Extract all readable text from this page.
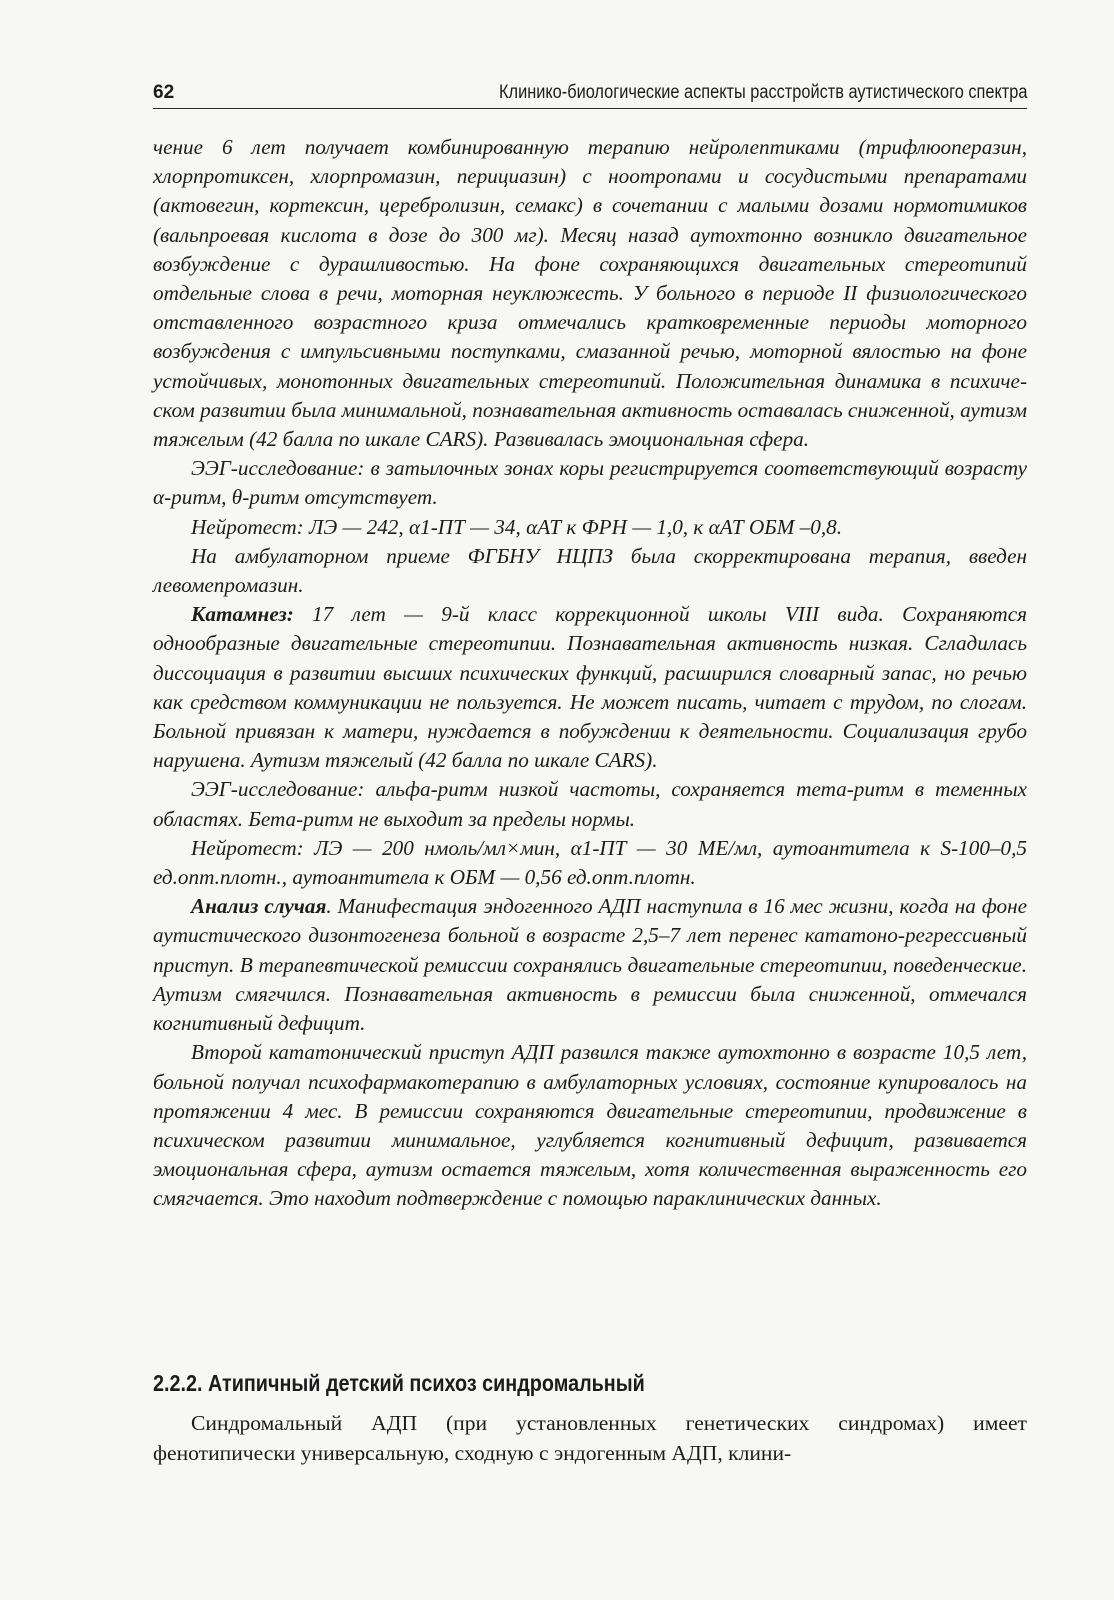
62	Клинико-биологические аспекты расстройств аутистического спектра

чение 6 лет получает комбинированную терапию нейролептиками (трифлюоперазин, хлорпротиксен, хлорпромазин, перициазин) с ноотропами и сосудистыми препаратами (актовегин, кортексин, церебролизин, семакс) в сочетании с малыми дозами нормотимиков (вальпроевая кислота в дозе до 300 мг). Месяц назад аутохтонно возникло двигательное возбуждение с дурашливостью. На фоне сохраняющихся двигательных стереотипий отдельные слова в речи, моторная неуклюжесть. У больного в периоде II физиологического отставленного возрастного криза отмечались кратковременные периоды моторного возбуждения с импульсивными поступками, смазанной речью, моторной вялостью на фоне устойчивых, монотонных двигательных стереотипий. Положительная динамика в психическом развитии была минимальной, познавательная активность оставалась сниженной, аутизм тяжелым (42 балла по шкале CARS). Развивалась эмоциональная сфера.

ЭЭГ-исследование: в затылочных зонах коры регистрируется соответствующий возрасту α-ритм, θ-ритм отсутствует.

Нейротест: ЛЭ — 242, α1-ПТ — 34, αАТ к ФРН — 1,0, к αАТ ОБМ –0,8.

На амбулаторном приеме ФГБНУ НЦПЗ была скорректирована терапия, введен левомепромазин.

Катамнез: 17 лет — 9-й класс коррекционной школы VIII вида. Сохраняются однообразные двигательные стереотипии. Познавательная активность низкая. Сгладилась диссоциация в развитии высших психических функций, расширился словарный запас, но речью как средством коммуникации не пользуется. Не может писать, читает с трудом, по слогам. Больной привязан к матери, нуждается в побуждении к деятельности. Социализация грубо нарушена. Аутизм тяжелый (42 балла по шкале CARS).

ЭЭГ-исследование: альфа-ритм низкой частоты, сохраняется тета-ритм в теменных областях. Бета-ритм не выходит за пределы нормы.

Нейротест: ЛЭ — 200 нмоль/мл×мин, α1-ПТ — 30 МЕ/мл, аутоантитела к S-100–0,5 ед.опт.плотн., аутоантитела к ОБМ — 0,56 ед.опт.плотн.

Анализ случая. Манифестация эндогенного АДП наступила в 16 мес жизни, когда на фоне аутистического дизонтогенеза больной в возрасте 2,5–7 лет перенес кататоно-регрессивный приступ. В терапевтической ремиссии сохранялись двигательные стереотипии, поведенческие. Аутизм смягчился. Познавательная активность в ремиссии была сниженной, отмечался когнитивный дефицит.

Второй кататонический приступ АДП развился также аутохтонно в возрасте 10,5 лет, больной получал психофармакотерапию в амбулаторных условиях, состояние купировалось на протяжении 4 мес. В ремиссии сохраняются двигательные стереотипии, продвижение в психическом развитии минимальное, углубляется когнитивный дефицит, развивается эмоциональная сфера, аутизм остается тяжелым, хотя количественная выраженность его смягчается. Это находит подтверждение с помощью параклинических данных.

2.2.2. Атипичный детский психоз синдромальный

Синдромальный АДП (при установленных генетических синдромах) имеет фенотипически универсальную, сходную с эндогенным АДП, клини-
